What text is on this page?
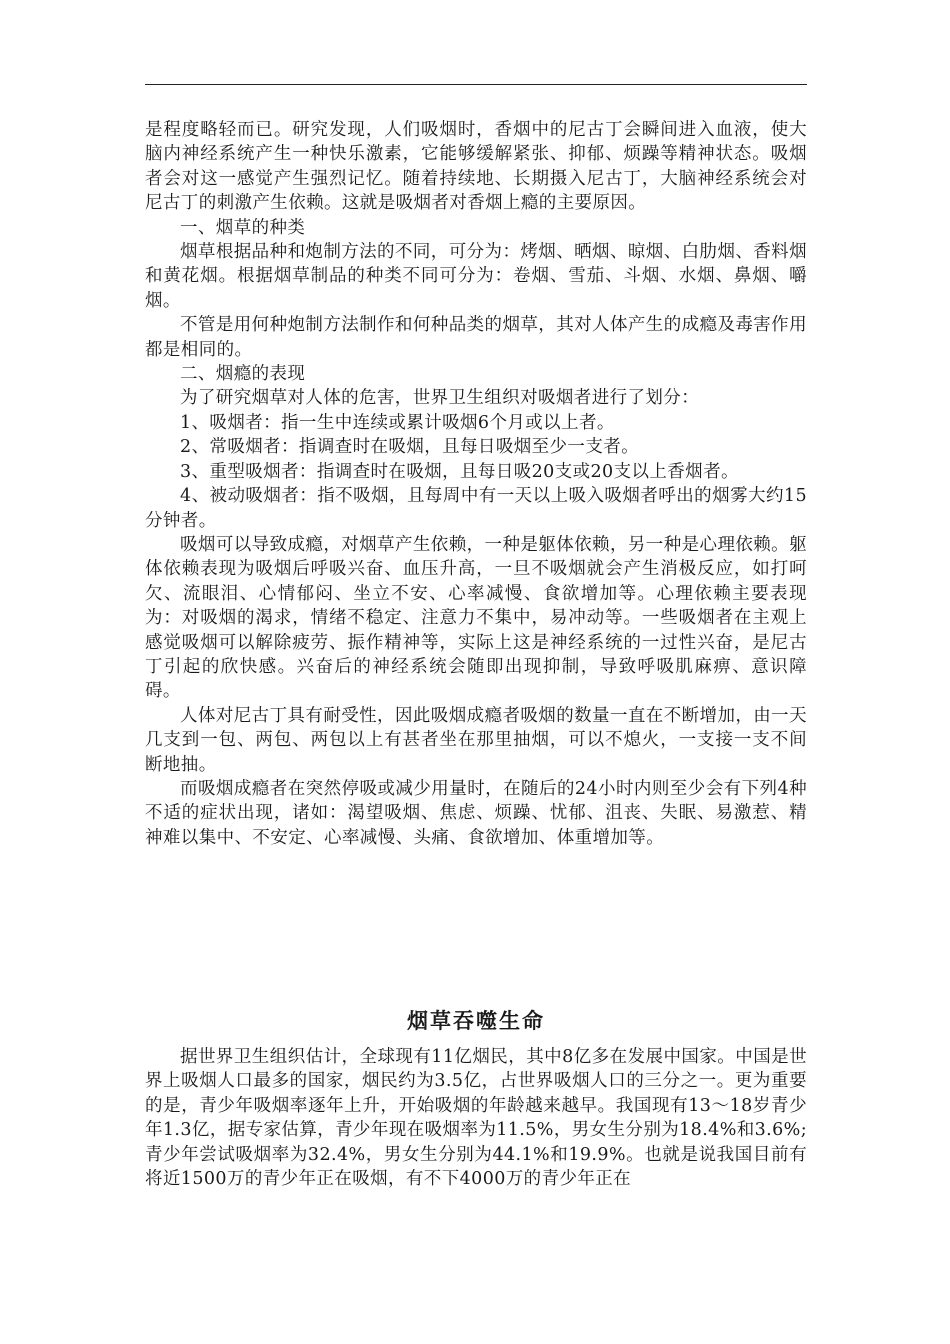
是程度略轻而已。研究发现，人们吸烟时，香烟中的尼古丁会瞬间进入血液，使大脑内神经系统产生一种快乐激素，它能够缓解紧张、抑郁、烦躁等精神状态。吸烟者会对这一感觉产生强烈记忆。随着持续地、长期摄入尼古丁，大脑神经系统会对尼古丁的刺激产生依赖。这就是吸烟者对香烟上瘾的主要原因。

一、烟草的种类

烟草根据品种和炮制方法的不同，可分为：烤烟、晒烟、晾烟、白肋烟、香料烟和黄花烟。根据烟草制品的种类不同可分为：卷烟、雪茄、斗烟、水烟、鼻烟、嚼烟。

不管是用何种炮制方法制作和何种品类的烟草，其对人体产生的成瘾及毒害作用都是相同的。

二、烟瘾的表现

为了研究烟草对人体的危害，世界卫生组织对吸烟者进行了划分：

1、吸烟者：指一生中连续或累计吸烟6个月或以上者。

2、常吸烟者：指调查时在吸烟，且每日吸烟至少一支者。

3、重型吸烟者：指调查时在吸烟，且每日吸20支或20支以上香烟者。

4、被动吸烟者：指不吸烟，且每周中有一天以上吸入吸烟者呼出的烟雾大约15分钟者。

吸烟可以导致成瘾，对烟草产生依赖，一种是躯体依赖，另一种是心理依赖。躯体依赖表现为吸烟后呼吸兴奋、血压升高，一旦不吸烟就会产生消极反应，如打呵欠、流眼泪、心情郁闷、坐立不安、心率减慢、食欲增加等。心理依赖主要表现为：对吸烟的渴求，情绪不稳定、注意力不集中，易冲动等。一些吸烟者在主观上感觉吸烟可以解除疲劳、振作精神等，实际上这是神经系统的一过性兴奋，是尼古丁引起的欣快感。兴奋后的神经系统会随即出现抑制，导致呼吸肌麻痹、意识障碍。

人体对尼古丁具有耐受性，因此吸烟成瘾者吸烟的数量一直在不断增加，由一天几支到一包、两包、两包以上有甚者坐在那里抽烟，可以不熄火，一支接一支不间断地抽。

而吸烟成瘾者在突然停吸或减少用量时，在随后的24小时内则至少会有下列4种不适的症状出现，诸如：渴望吸烟、焦虑、烦躁、忧郁、沮丧、失眠、易激惹、精神难以集中、不安定、心率减慢、头痛、食欲增加、体重增加等。

烟草吞噬生命

据世界卫生组织估计，全球现有11亿烟民，其中8亿多在发展中国家。中国是世界上吸烟人口最多的国家，烟民约为3.5亿，占世界吸烟人口的三分之一。更为重要的是，青少年吸烟率逐年上升，开始吸烟的年龄越来越早。我国现有13～18岁青少年1.3亿，据专家估算，青少年现在吸烟率为11.5%，男女生分别为18.4%和3.6%;青少年尝试吸烟率为32.4%，男女生分别为44.1%和19.9%。也就是说我国目前有将近1500万的青少年正在吸烟，有不下4000万的青少年正在
